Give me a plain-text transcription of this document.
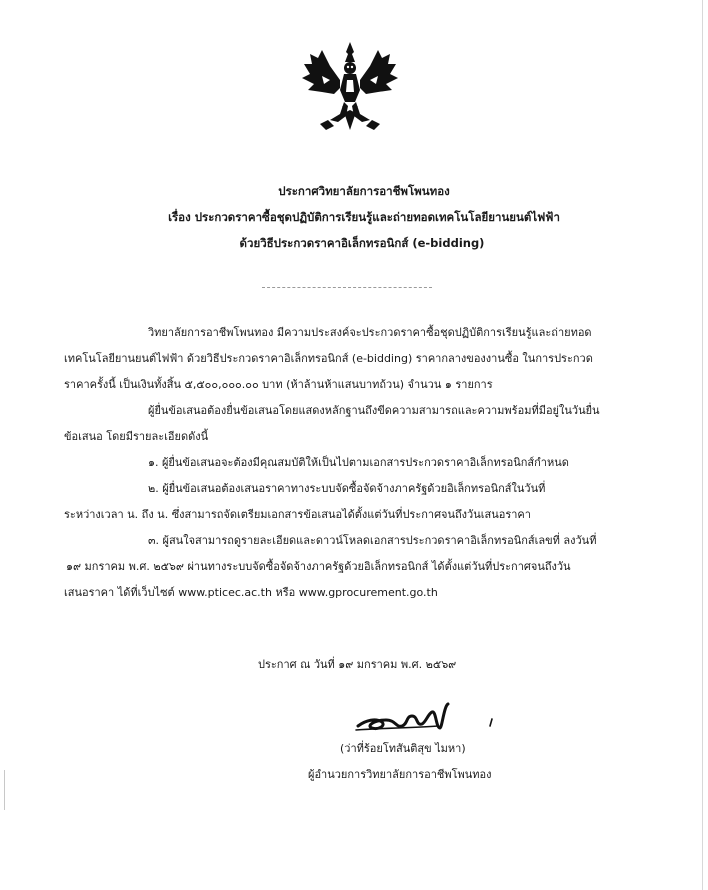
ประกาศวิทยาลัยการอาชีพโพนทอง
เรื่อง ประกวดราคาซื้อชุดปฏิบัติการเรียนรู้และถ่ายทอดเทคโนโลยียานยนต์ไฟฟ้า
ด้วยวิธีประกวดราคาอิเล็กทรอนิกส์ (e-bidding)
วิทยาลัยการอาชีพโพนทอง มีความประสงค์จะประกวดราคาซื้อชุดปฏิบัติการเรียนรู้และถ่ายทอด
เทคโนโลยียานยนต์ไฟฟ้า ด้วยวิธีประกวดราคาอิเล็กทรอนิกส์ (e-bidding) ราคากลางของงานซื้อ ในการประกวด
ราคาครั้งนี้ เป็นเงินทั้งสิ้น ๕,๕๐๐,๐๐๐.๐๐ บาท (ห้าล้านห้าแสนบาทถ้วน) จำนวน ๑ รายการ
ผู้ยื่นข้อเสนอต้องยื่นข้อเสนอโดยแสดงหลักฐานถึงขีดความสามารถและความพร้อมที่มีอยู่ในวันยื่น
ข้อเสนอ โดยมีรายละเอียดดังนี้
๑. ผู้ยื่นข้อเสนอจะต้องมีคุณสมบัติให้เป็นไปตามเอกสารประกวดราคาอิเล็กทรอนิกส์กำหนด
๒. ผู้ยื่นข้อเสนอต้องเสนอราคาทางระบบจัดซื้อจัดจ้างภาครัฐด้วยอิเล็กทรอนิกส์ในวันที่
ระหว่างเวลา น. ถึง น. ซึ่งสามารถจัดเตรียมเอกสารข้อเสนอได้ตั้งแต่วันที่ประกาศจนถึงวันเสนอราคา
๓. ผู้สนใจสามารถดูรายละเอียดและดาวน์โหลดเอกสารประกวดราคาอิเล็กทรอนิกส์เลขที่ ลงวันที่
๑๙ มกราคม พ.ศ. ๒๕๖๙ ผ่านทางระบบจัดซื้อจัดจ้างภาครัฐด้วยอิเล็กทรอนิกส์ ได้ตั้งแต่วันที่ประกาศจนถึงวัน
เสนอราคา ได้ที่เว็บไซต์ www.pticec.ac.th หรือ www.gprocurement.go.th
ประกาศ ณ วันที่ ๑๙ มกราคม พ.ศ. ๒๕๖๙
(ว่าที่ร้อยโทสันติสุข ไมหา)
ผู้อำนวยการวิทยาลัยการอาชีพโพนทอง
